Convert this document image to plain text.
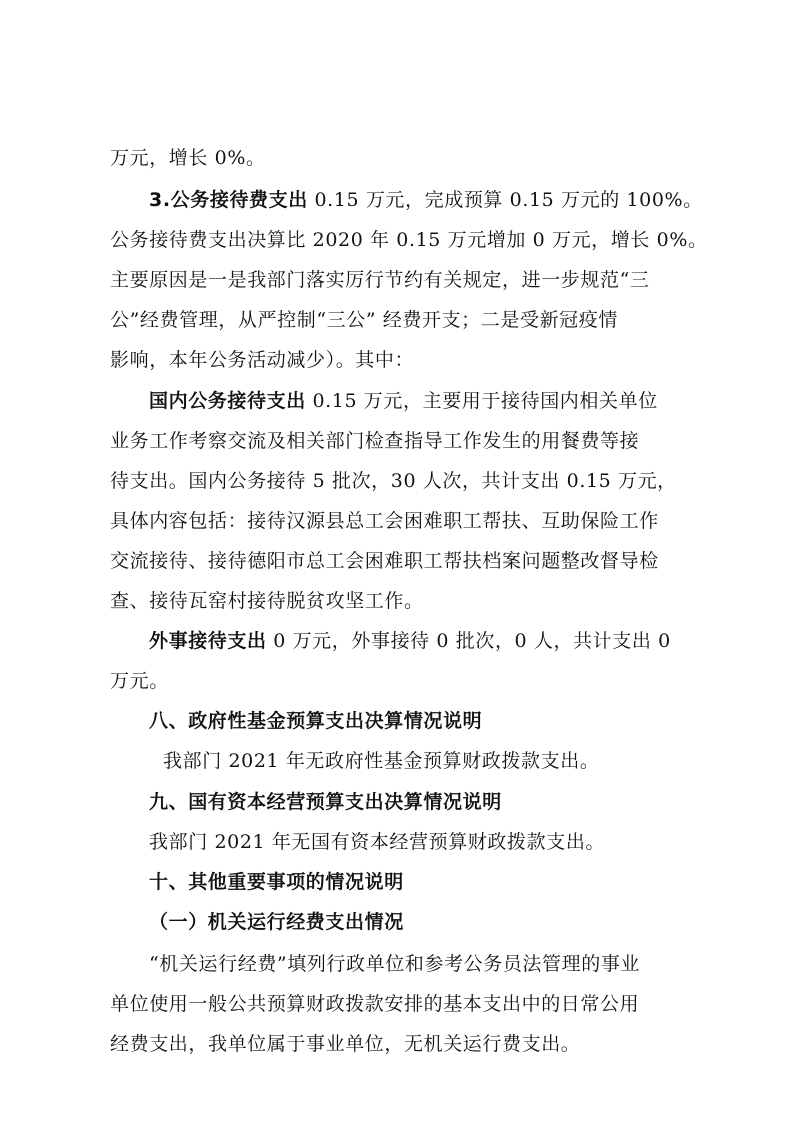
万元，增长 0%。
3.公务接待费支出 0.15 万元，完成预算 0.15 万元的 100%。
公务接待费支出决算比 2020 年 0.15 万元增加 0 万元，增长 0%。
主要原因是一是我部门落实厉行节约有关规定，进一步规范“三
公”经费管理，从严控制“三公” 经费开支；二是受新冠疫情
影响，本年公务活动减少）。其中：
国内公务接待支出 0.15 万元，主要用于接待国内相关单位
业务工作考察交流及相关部门检查指导工作发生的用餐费等接
待支出。国内公务接待 5 批次，30 人次，共计支出 0.15 万元，
具体内容包括：接待汉源县总工会困难职工帮扶、互助保险工作
交流接待、接待德阳市总工会困难职工帮扶档案问题整改督导检
查、接待瓦窑村接待脱贫攻坚工作。
外事接待支出 0 万元，外事接待 0 批次，0 人，共计支出 0
万元。
八、政府性基金预算支出决算情况说明
我部门 2021 年无政府性基金预算财政拨款支出。
九、国有资本经营预算支出决算情况说明
我部门 2021 年无国有资本经营预算财政拨款支出。
十、其他重要事项的情况说明
（一）机关运行经费支出情况
“机关运行经费”填列行政单位和参考公务员法管理的事业
单位使用一般公共预算财政拨款安排的基本支出中的日常公用
经费支出，我单位属于事业单位，无机关运行费支出。
